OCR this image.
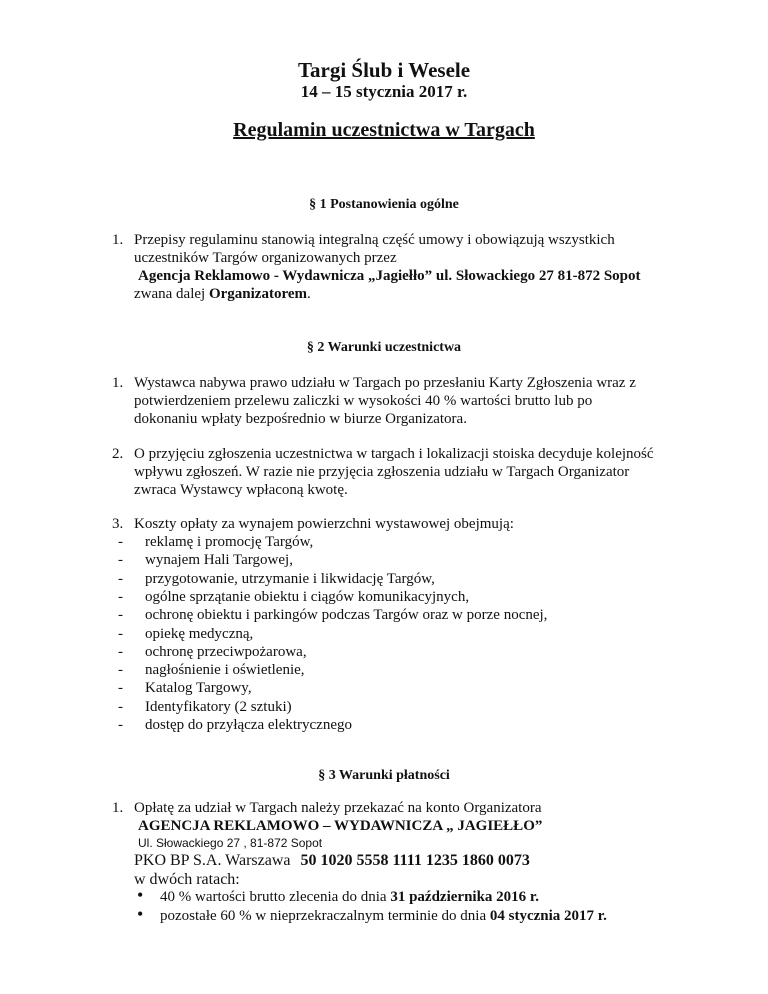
Targi Ślub i Wesele
14 – 15 stycznia 2017 r.
Regulamin uczestnictwa w Targach
§ 1 Postanowienia ogólne
1. Przepisy regulaminu stanowią integralną część umowy i obowiązują wszystkich
uczestników Targów organizowanych przez
Agencja Reklamowo - Wydawnicza „Jagiełło” ul. Słowackiego 27 81-872 Sopot
zwana dalej Organizatorem.
§ 2 Warunki uczestnictwa
1. Wystawca nabywa prawo udziału w Targach po przesłaniu Karty Zgłoszenia wraz z
potwierdzeniem przelewu zaliczki w wysokości 40 % wartości brutto lub po
dokonaniu wpłaty bezpośrednio w biurze Organizatora.
2. O przyjęciu zgłoszenia uczestnictwa w targach i lokalizacji stoiska decyduje kolejność
wpływu zgłoszeń. W razie nie przyjęcia zgłoszenia udziału w Targach Organizator
zwraca Wystawcy wpłaconą kwotę.
3. Koszty opłaty za wynajem powierzchni wystawowej obejmują:
-	reklamę i promocję Targów,
-	wynajem Hali Targowej,
-	przygotowanie, utrzymanie i likwidację Targów,
-	ogólne sprzątanie obiektu i ciągów komunikacyjnych,
-	ochronę obiektu i parkingów podczas Targów oraz w porze nocnej,
-	opiekę medyczną,
-	ochronę przeciwpożarowa,
-	nagłośnienie i oświetlenie,
-	Katalog Targowy,
-	Identyfikatory (2 sztuki)
-	dostęp do przyłącza elektrycznego
§ 3 Warunki płatności
1. Opłatę za udział w Targach należy przekazać na konto Organizatora
AGENCJA REKLAMOWO – WYDAWNICZA „ JAGIEŁŁO”
Ul. Słowackiego 27 , 81-872 Sopot
PKO BP S.A. Warszawa 50 1020 5558 1111 1235 1860 0073
w dwóch ratach:
• 40 % wartości brutto zlecenia do dnia 31 października 2016 r.
• pozostałe 60 % w nieprzekraczalnym terminie do dnia 04 stycznia 2017 r.
